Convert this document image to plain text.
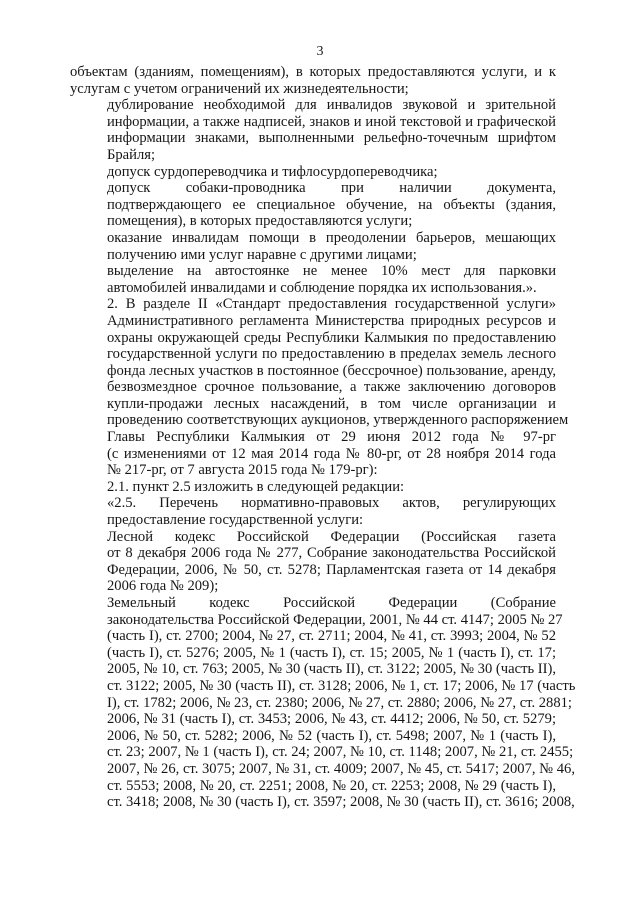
3
объектам (зданиям, помещениям), в которых предоставляются услуги, и к
услугам с учетом ограничений их жизнедеятельности;
дублирование необходимой для инвалидов звуковой и зрительной
информации, а также надписей, знаков и иной текстовой и графической
информации знаками, выполненными рельефно-точечным шрифтом
Брайля;
допуск сурдопереводчика и тифлосурдопереводчика;
допуск собаки-проводника при наличии документа,
подтверждающего ее специальное обучение, на объекты (здания,
помещения), в которых предоставляются услуги;
оказание инвалидам помощи в преодолении барьеров, мешающих
получению ими услуг наравне с другими лицами;
выделение на автостоянке не менее 10% мест для парковки
автомобилей инвалидами и соблюдение порядка их использования.».
2. В разделе II «Стандарт предоставления государственной услуги»
Административного регламента Министерства природных ресурсов и
охраны окружающей среды Республики Калмыкия по предоставлению
государственной услуги по предоставлению в пределах земель лесного
фонда лесных участков в постоянное (бессрочное) пользование, аренду,
безвозмездное срочное пользование, а также заключению договоров
купли-продажи лесных насаждений, в том числе организации и
проведению соответствующих аукционов, утвержденного распоряжением
Главы Республики Калмыкия от 29 июня 2012 года № 97-рг
(с изменениями от 12 мая 2014 года № 80-рг, от 28 ноября 2014 года
№ 217-рг, от 7 августа 2015 года № 179-рг):
2.1. пункт 2.5 изложить в следующей редакции:
«2.5. Перечень нормативно-правовых актов, регулирующих
предоставление государственной услуги:
Лесной кодекс Российской Федерации (Российская газета
от 8 декабря 2006 года № 277, Собрание законодательства Российской
Федерации, 2006, № 50, ст. 5278; Парламентская газета от 14 декабря
2006 года № 209);
Земельный кодекс Российской Федерации (Собрание
законодательства Российской Федерации, 2001, № 44 ст. 4147; 2005 № 27
(часть I), ст. 2700; 2004, № 27, ст. 2711; 2004, № 41, ст. 3993; 2004, № 52
(часть I), ст. 5276; 2005, № 1 (часть I), ст. 15; 2005, № 1 (часть I), ст. 17;
2005, № 10, ст. 763; 2005, № 30 (часть II), ст. 3122; 2005, № 30 (часть II),
ст. 3122; 2005, № 30 (часть II), ст. 3128; 2006, № 1, ст. 17; 2006, № 17 (часть
I), ст. 1782; 2006, № 23, ст. 2380; 2006, № 27, ст. 2880; 2006, № 27, ст. 2881;
2006, № 31 (часть I), ст. 3453; 2006, № 43, ст. 4412; 2006, № 50, ст. 5279;
2006, № 50, ст. 5282; 2006, № 52 (часть I), ст. 5498; 2007, № 1 (часть I),
ст. 23; 2007, № 1 (часть I), ст. 24; 2007, № 10, ст. 1148; 2007, № 21, ст. 2455;
2007, № 26, ст. 3075; 2007, № 31, ст. 4009; 2007, № 45, ст. 5417; 2007, № 46,
ст. 5553; 2008, № 20, ст. 2251; 2008, № 20, ст. 2253; 2008, № 29 (часть I),
ст. 3418; 2008, № 30 (часть I), ст. 3597; 2008, № 30 (часть II), ст. 3616; 2008,
